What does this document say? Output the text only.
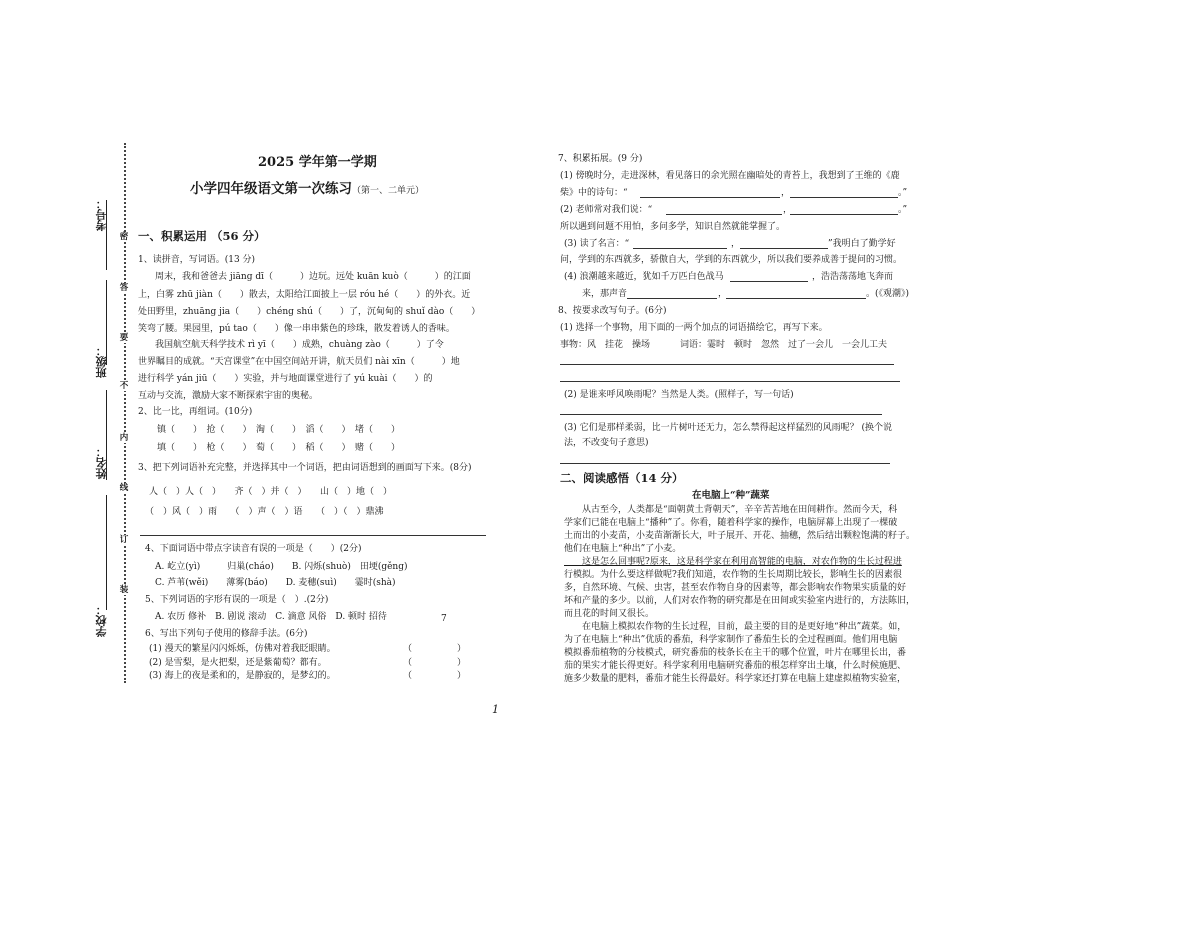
考号：
班级：
姓名：
学校：
密
答
要
不
内
线
订
装
2025 学年第一学期
小学四年级语文第一次练习（第一、二单元）
一、积累运用 （56 分）
1、读拼音，写词语。(13 分)
周末，我和爸爸去 jiāng dī（　　　）边玩。远处 kuān kuò（　　　）的江面
上，白雾 zhū jiàn（　　）散去，太阳给江面披上一层 róu hé（　　）的外衣。近
处田野里，zhuāng jia（　　）chéng shú（　　）了，沉甸甸的 shuǐ dào（　　）
笑弯了腰。果园里，pú tao（　　）像一串串紫色的珍珠，散发着诱人的香味。
我国航空航天科学技术 rì yī（　　）成熟，chuàng zào（　　　）了令
世界瞩目的成就。“天宫课堂”在中国空间站开讲，航天员们 nài xīn（　　　）地
进行科学 yán jiū（　　）实验，并与地面课堂进行了 yú kuài（　　）的
互动与交流，激励大家不断探索宇宙的奥秘。
2、比一比，再组词。(10分)
镇（　　）　抢（　　）　淘（　　）　滔（　　）　堵（　　）
填（　　）　枪（　　）　萄（　　）　稻（　　）　赌（　　）
3、把下列词语补充完整，并选择其中一个词语，把由词语想到的画面写下来。(8分)
人（　）人（　）　　齐（　）并（　）　　山（　）地（　）
（　）风（　）雨　　（　）声（　）语　　（　）（　）鼎沸
4、下面词语中带点字读音有误的一项是（　　）(2分)
A. 屹立(yì)　　　归巢(cháo)　　B. 闪烁(shuò)　田埂(gěng)
C. 芦苇(wěi)　　薄雾(báo)　　D. 麦穗(suì)　　霎时(shà)
5、下列词语的字形有误的一项是（　）.(2分)
A. 农历 修补　B. 剧说 滚动　C. 滴意 风俗　D. 顿时 招待	7
6、写出下列句子使用的修辞手法。(6分)
(1) 漫天的繁星闪闪烁烁，仿佛对着我眨眼睛。	（　　　　　）
(2) 是雪梨，是火把梨，还是紫葡萄？都有。	（　　　　　）
(3) 海上的夜是柔和的，是静寂的，是梦幻的。	（　　　　　）
7、积累拓展。(9 分)
(1) 傍晚时分，走进深林，看见落日的余光照在幽暗处的青苔上，我想到了王维的《鹿
柴》中的诗句：“	，	。”
(2) 老师常对我们说：“	，	。”
所以遇到问题不用怕，多问多学，知识自然就能掌握了。
(3) 读了名言：“	，	”我明白了勤学好
问，学到的东西就多，骄傲自大，学到的东西就少，所以我们要养成善于提问的习惯。
(4) 浪潮越来越近，犹如千万匹白色战马	，浩浩荡荡地飞奔而
来，那声音	，	。(《观潮》)
8、按要求改写句子。(6分)
(1) 选择一个事物，用下面的一两个加点的词语描绘它，再写下来。
事物：风　挂花　操场	词语：霎时　顿时　忽然　过了一会儿　一会儿工夫
(2) 是谁来呼风唤雨呢？当然是人类。(照样子，写一句话)
(3) 它们是那样柔弱，比一片树叶还无力，怎么禁得起这样猛烈的风雨呢？ (换个说
法，不改变句子意思)
二、阅读感悟（14 分）
在电脑上“种”蔬菜
　　从古至今，人类都是“面朝黄土背朝天”，辛辛苦苦地在田间耕作。然而今天，科
学家们已能在电脑上“播种”了。你看，随着科学家的操作，电脑屏幕上出现了一棵破
土而出的小麦苗，小麦苗渐渐长大，叶子展开、开花、抽穗，然后结出颗粒饱满的籽子。
他们在电脑上“种出”了小麦。
　　这是怎么回事呢?原来，这是科学家在利用高智能的电脑，对农作物的生长过程进
行模拟。为什么要这样做呢?我们知道，农作物的生长周期比较长，影响生长的因素很
多，自然环境、气候、虫害，甚至农作物自身的因素等，都会影响农作物果实质量的好
坏和产量的多少。以前，人们对农作物的研究都是在田间或实验室内进行的，方法陈旧，
而且花的时间又很长。
　　在电脑上模拟农作物的生长过程，目前，最主要的目的是更好地“种出”蔬菜。如，
为了在电脑上“种出”优质的番茄，科学家制作了番茄生长的全过程画面。他们用电脑
模拟番茄植物的分枝模式，研究番茄的枝条长在主干的哪个位置，叶片在哪里长出，番
茄的果实才能长得更好。科学家利用电脑研究番茄的根怎样穿出土壤，什么时候施肥、
施多少数量的肥料，番茄才能生长得最好。科学家还打算在电脑上建虚拟植物实验室，
1
